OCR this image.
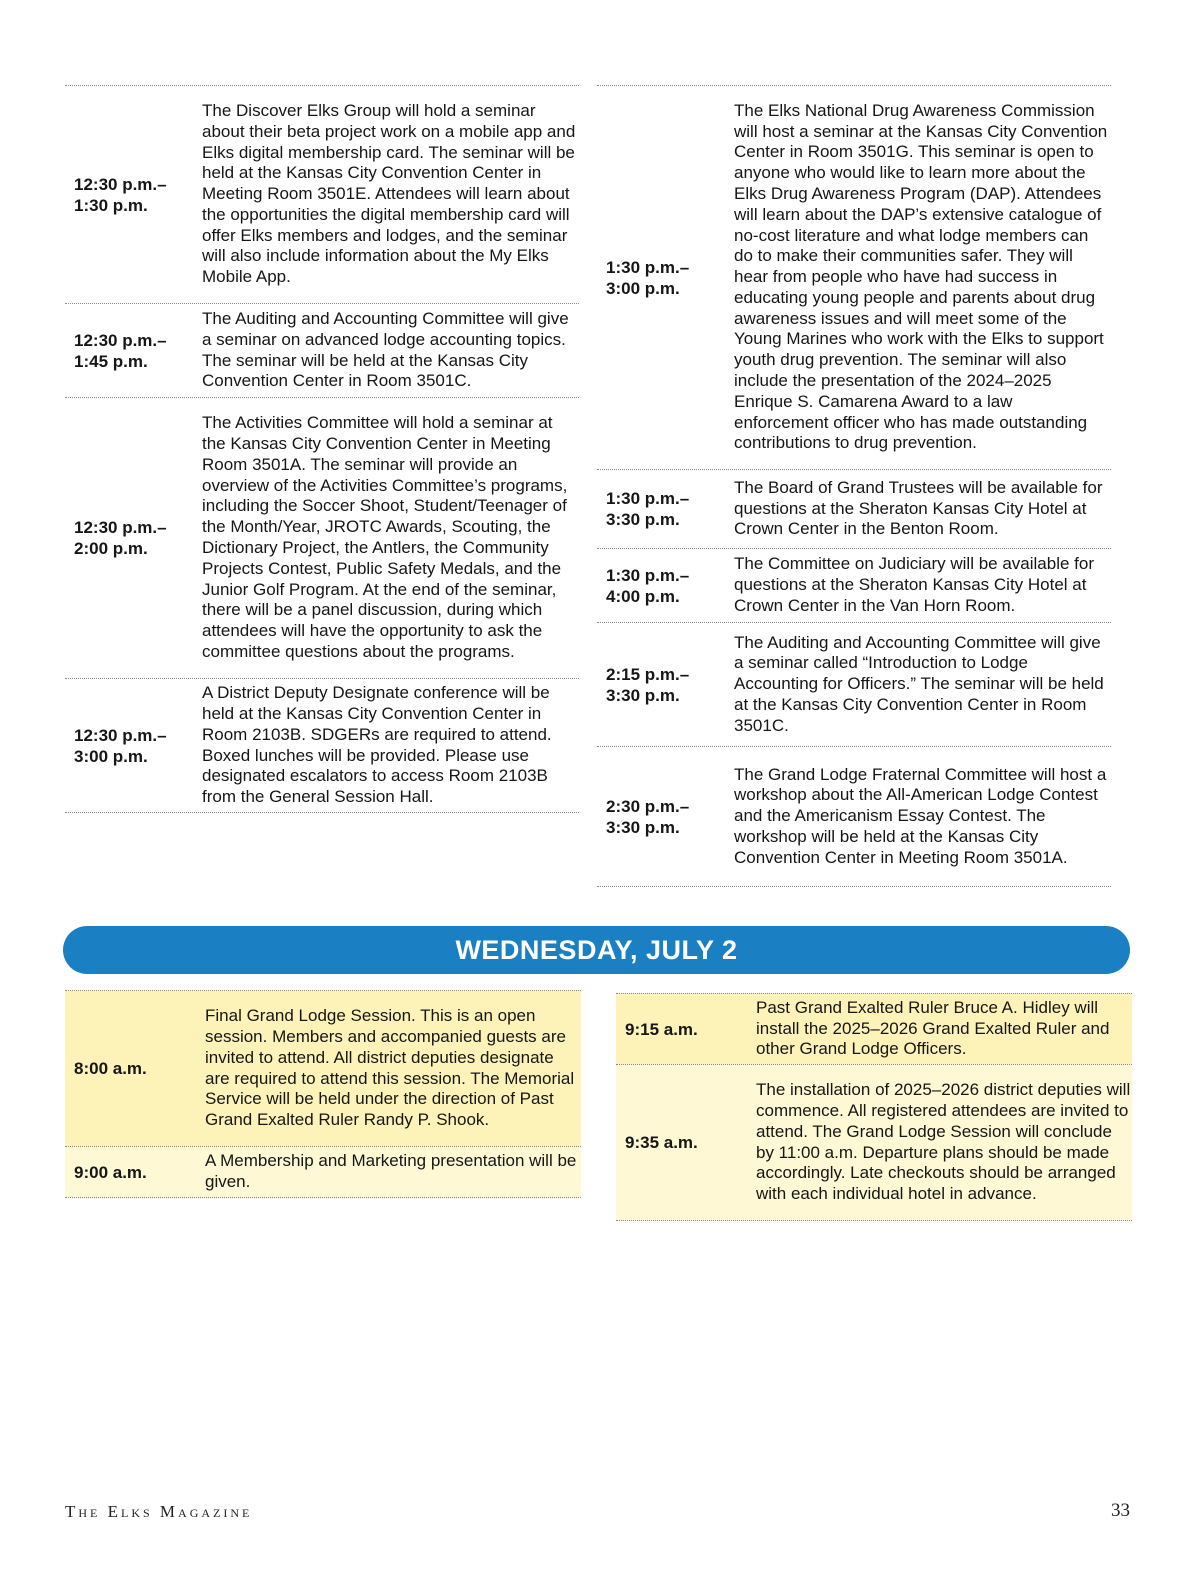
12:30 p.m.–
1:30 p.m.
The Discover Elks Group will hold a seminar about their beta project work on a mobile app and Elks digital membership card. The seminar will be held at the Kansas City Convention Center in Meeting Room 3501E. Attendees will learn about the opportunities the digital membership card will offer Elks members and lodges, and the seminar will also include information about the My Elks Mobile App.
12:30 p.m.–
1:45 p.m.
The Auditing and Accounting Committee will give a seminar on advanced lodge accounting topics. The seminar will be held at the Kansas City Convention Center in Room 3501C.
12:30 p.m.–
2:00 p.m.
The Activities Committee will hold a seminar at the Kansas City Convention Center in Meeting Room 3501A. The seminar will provide an overview of the Activities Committee’s programs, including the Soccer Shoot, Student/Teenager of the Month/Year, JROTC Awards, Scouting, the Dictionary Project, the Antlers, the Community Projects Contest, Public Safety Medals, and the Junior Golf Program. At the end of the seminar, there will be a panel discussion, during which attendees will have the opportunity to ask the committee questions about the programs.
12:30 p.m.–
3:00 p.m.
A District Deputy Designate conference will be held at the Kansas City Convention Center in Room 2103B. SDGERs are required to attend. Boxed lunches will be provided. Please use designated escalators to access Room 2103B from the General Session Hall.
1:30 p.m.–
3:00 p.m.
The Elks National Drug Awareness Commission will host a seminar at the Kansas City Convention Center in Room 3501G. This seminar is open to anyone who would like to learn more about the Elks Drug Awareness Program (DAP). Attendees will learn about the DAP’s extensive catalogue of no-cost literature and what lodge members can do to make their communities safer. They will hear from people who have had success in educating young people and parents about drug awareness issues and will meet some of the Young Marines who work with the Elks to support youth drug prevention. The seminar will also include the presentation of the 2024–2025 Enrique S. Camarena Award to a law enforcement officer who has made outstanding contributions to drug prevention.
1:30 p.m.–
3:30 p.m.
The Board of Grand Trustees will be available for questions at the Sheraton Kansas City Hotel at Crown Center in the Benton Room.
1:30 p.m.–
4:00 p.m.
The Committee on Judiciary will be available for questions at the Sheraton Kansas City Hotel at Crown Center in the Van Horn Room.
2:15 p.m.–
3:30 p.m.
The Auditing and Accounting Committee will give a seminar called “Introduction to Lodge Accounting for Officers.” The seminar will be held at the Kansas City Convention Center in Room 3501C.
2:30 p.m.–
3:30 p.m.
The Grand Lodge Fraternal Committee will host a workshop about the All-American Lodge Contest and the Americanism Essay Contest. The workshop will be held at the Kansas City Convention Center in Meeting Room 3501A.
WEDNESDAY, JULY 2
8:00 a.m.
Final Grand Lodge Session. This is an open session. Members and accompanied guests are invited to attend. All district deputies designate are required to attend this session. The Memorial Service will be held under the direction of Past Grand Exalted Ruler Randy P. Shook.
9:00 a.m.
A Membership and Marketing presentation will be given.
9:15 a.m.
Past Grand Exalted Ruler Bruce A. Hidley will install the 2025–2026 Grand Exalted Ruler and other Grand Lodge Officers.
9:35 a.m.
The installation of 2025–2026 district deputies will commence. All registered attendees are invited to attend. The Grand Lodge Session will conclude by 11:00 a.m. Departure plans should be made accordingly. Late checkouts should be arranged with each individual hotel in advance.
The Elks Magazine	33
